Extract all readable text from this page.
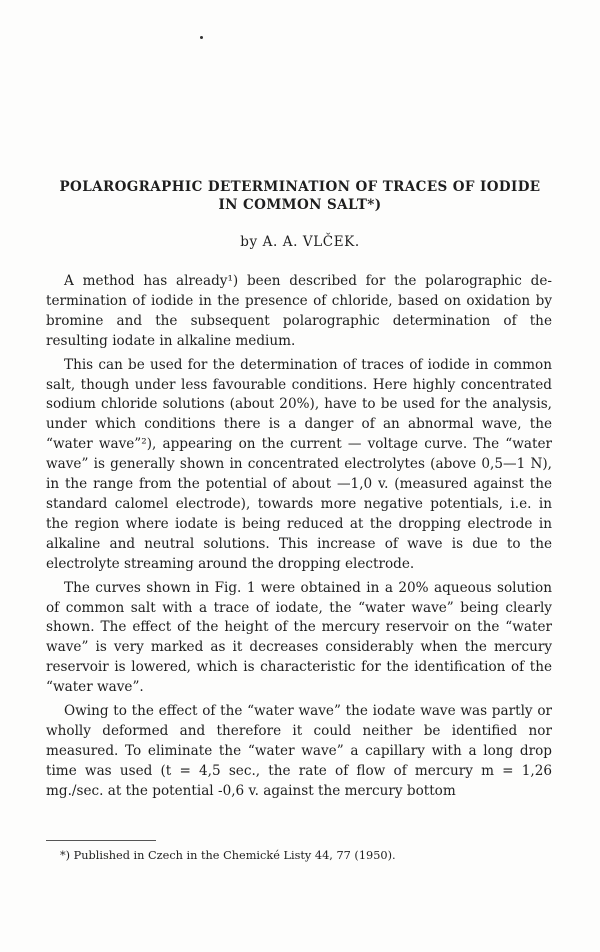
POLAROGRAPHIC DETERMINATION OF TRACES OF IODIDE
IN COMMON SALT*)
by A. A. VLČEK.

A method has already¹) been described for the polarographic determination of iodide in the presence of chloride, based on oxidation by bromine and the subsequent polarographic determination of the resulting iodate in alkaline medium.

This can be used for the determination of traces of iodide in common salt, though under less favourable conditions. Here highly concentrated sodium chloride solutions (about 20%), have to be used for the analysis, under which conditions there is a danger of an abnormal wave, the “water wave”²), appearing on the current — voltage curve. The “water wave” is generally shown in concentrated electrolytes (above 0,5—1 N), in the range from the potential of about —1,0 v. (measured against the standard calomel electrode), towards more negative potentials, i.e. in the region where iodate is being reduced at the dropping electrode in alkaline and neutral solutions. This increase of wave is due to the electrolyte streaming around the dropping electrode.

The curves shown in Fig. 1 were obtained in a 20% aqueous solution of common salt with a trace of iodate, the “water wave” being clearly shown. The effect of the height of the mercury reservoir on the “water wave” is very marked as it decreases considerably when the mercury reservoir is lowered, which is characteristic for the identification of the “water wave”.

Owing to the effect of the “water wave” the iodate wave was partly or wholly deformed and therefore it could neither be identified nor measured. To eliminate the “water wave” a capillary with a long drop time was used (t = 4,5 sec., the rate of flow of mercury m = 1,26 mg./sec. at the potential -0,6 v. against the mercury bottom

*) Published in Czech in the Chemické Listy 44, 77 (1950).
